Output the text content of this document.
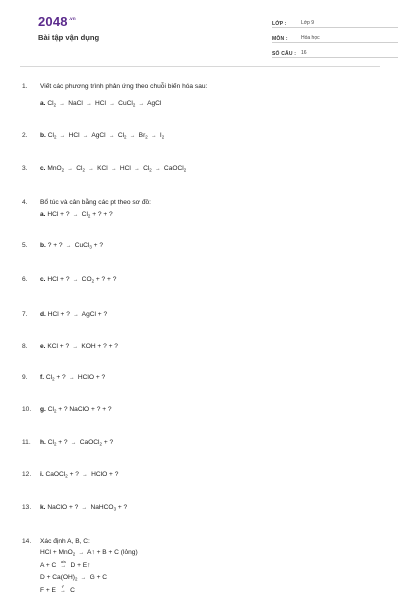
$2048^{.vn}$
Bài tập vận dụng
LỚP :	Lớp 9
MÔN :	Hóa học
SỐ CÂU : 16
1.	Viết các phương trình phản ứng theo chuỗi biến hóa sau:
a. $Cl_2$ → NaCl → HCl → CuCl$_2$ → AgCl
2.	b. $Cl_2$ → HCl → AgCl → $Cl_2 \to Br_2 \to I_2$
3.	c. $MnO_2 \to Cl_2$ → KCl → HCl → $Cl_2$ → CaOCl$_2$
4.	Bổ túc và cân bằng các pt theo sơ đồ:
a. HCl + ? → $Cl_2$ + ? + ?
5.	b. ? + ? → CuCl$_3$ + ?
6.	c. HCl + ? → $CO_2$ + ? + ?
7.	d. HCl + ? → AgCl + ?
8.	e. KCl + ? → KOH + ? + ?
9.	f. $Cl_2$ + ? → HClO + ?
10.	g. $Cl_2$ + ? NaClO + ? + ?
11.	h. $Cl_2$ + ? → CaOCl$_2$ + ?
12.	i. CaOCl$_2$ + ? → HClO + ?
13.	k. NaClO + ? → NaHCO$_3$ + ?
14.	Xác định A, B, C:
HCl + MnO$_2$ → A↑ + B + C (lỏng)
A + C a/s
→ D + E↑
$D + Ca(OH)_2 \to G + C$
F + E	t°
→ C
